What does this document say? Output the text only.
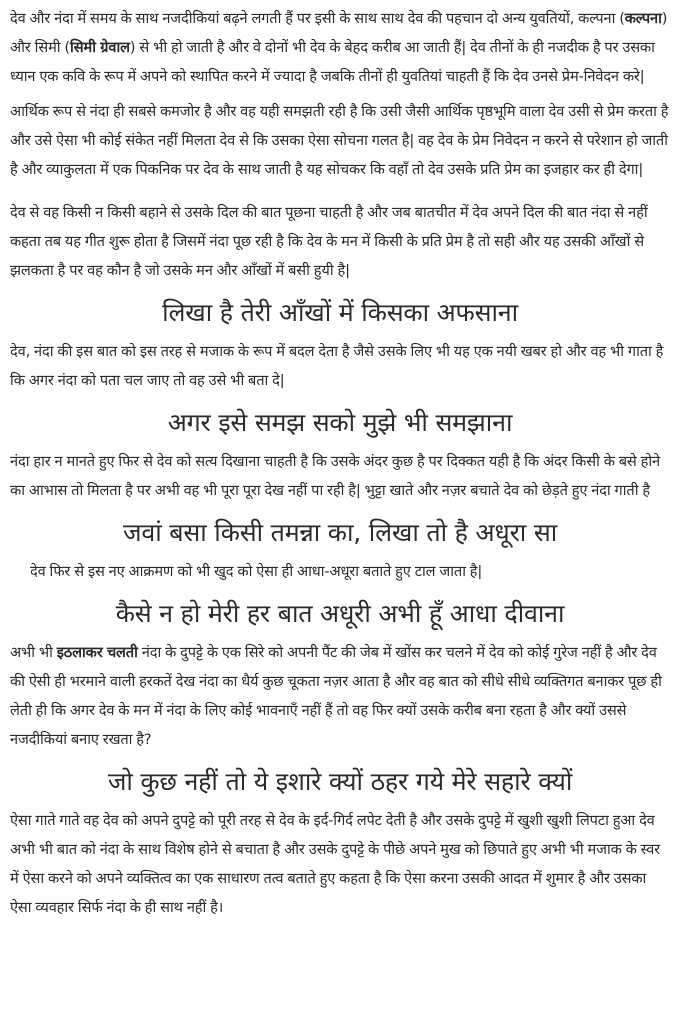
देव और नंदा में समय के साथ नजदीकियां बढ़ने लगती हैं पर इसी के साथ साथ देव की पहचान दो अन्य युवतियों, कल्पना (कल्पना) और सिमी (सिमी ग्रेवाल) से भी हो जाती है और वे दोनों भी देव के बेहद करीब आ जाती हैं| देव तीनों के ही नजदीक है पर उसका ध्यान एक कवि के रूप में अपने को स्थापित करने में ज्यादा है जबकि तीनों ही युवतियां चाहती हैं कि देव उनसे प्रेम-निवेदन करे|

आर्थिक रूप से नंदा ही सबसे कमजोर है और वह यही समझती रही है कि उसी जैसी आर्थिक पृष्ठभूमि वाला देव उसी से प्रेम करता है और उसे ऐसा भी कोई संकेत नहीं मिलता देव से कि उसका ऐसा सोचना गलत है| वह देव के प्रेम निवेदन न करने से परेशान हो जाती है और व्याकुलता में एक पिकनिक पर देव के साथ जाती है यह सोचकर कि वहाँ तो देव उसके प्रति प्रेम का इजहार कर ही देगा|

देव से वह किसी न किसी बहाने से उसके दिल की बात पूछना चाहती है और जब बातचीत में देव अपने दिल की बात नंदा से नहीं कहता तब यह गीत शुरू होता है जिसमें नंदा पूछ रही है कि देव के मन में किसी के प्रति प्रेम है तो सही और यह उसकी आँखों से झलकता है पर वह कौन है जो उसके मन और आँखों में बसी हुयी है|

लिखा है तेरी आँखों में किसका अफसाना

देव, नंदा की इस बात को इस तरह से मजाक के रूप में बदल देता है जैसे उसके लिए भी यह एक नयी खबर हो और वह भी गाता है कि अगर नंदा को पता चल जाए तो वह उसे भी बता दे|

अगर इसे समझ सको मुझे भी समझाना

नंदा हार न मानते हुए फिर से देव को सत्य दिखाना चाहती है कि उसके अंदर कुछ है पर दिक्कत यही है कि अंदर किसी के बसे होने का आभास तो मिलता है पर अभी वह भी पूरा पूरा देख नहीं पा रही है| भुट्टा खाते और नज़र बचाते देव को छेड़ते हुए नंदा गाती है

जवां बसा किसी तमन्ना का, लिखा तो है अधूरा सा

देव फिर से इस नए आक्रमण को भी खुद को ऐसा ही आधा-अधूरा बताते हुए टाल जाता है|

कैसे न हो मेरी हर बात अधूरी अभी हूँ आधा दीवाना

अभी भी इठलाकर चलती नंदा के दुपट्टे के एक सिरे को अपनी पैंट की जेब में खोंस कर चलने में देव को कोई गुरेज नहीं है और देव की ऐसी ही भरमाने वाली हरकतें देख नंदा का धैर्य कुछ चूकता नज़र आता है और वह बात को सीधे सीधे व्यक्तिगत बनाकर पूछ ही लेती ही कि अगर देव के मन में नंदा के लिए कोई भावनाएँ नहीं हैं तो वह फिर क्यों उसके करीब बना रहता है और क्यों उससे नजदीकियां बनाए रखता है?

जो कुछ नहीं तो ये इशारे क्यों ठहर गये मेरे सहारे क्यों

ऐसा गाते गाते वह देव को अपने दुपट्टे को पूरी तरह से देव के इर्द-गिर्द लपेट देती है और उसके दुपट्टे में खुशी खुशी लिपटा हुआ देव अभी भी बात को नंदा के साथ विशेष होने से बचाता है और उसके दुपट्टे के पीछे अपने मुख को छिपाते हुए अभी भी मजाक के स्वर में ऐसा करने को अपने व्यक्तित्व का एक साधारण तत्व बताते हुए कहता है कि ऐसा करना उसकी आदत में शुमार है और उसका ऐसा व्यवहार सिर्फ नंदा के ही साथ नहीं है।
